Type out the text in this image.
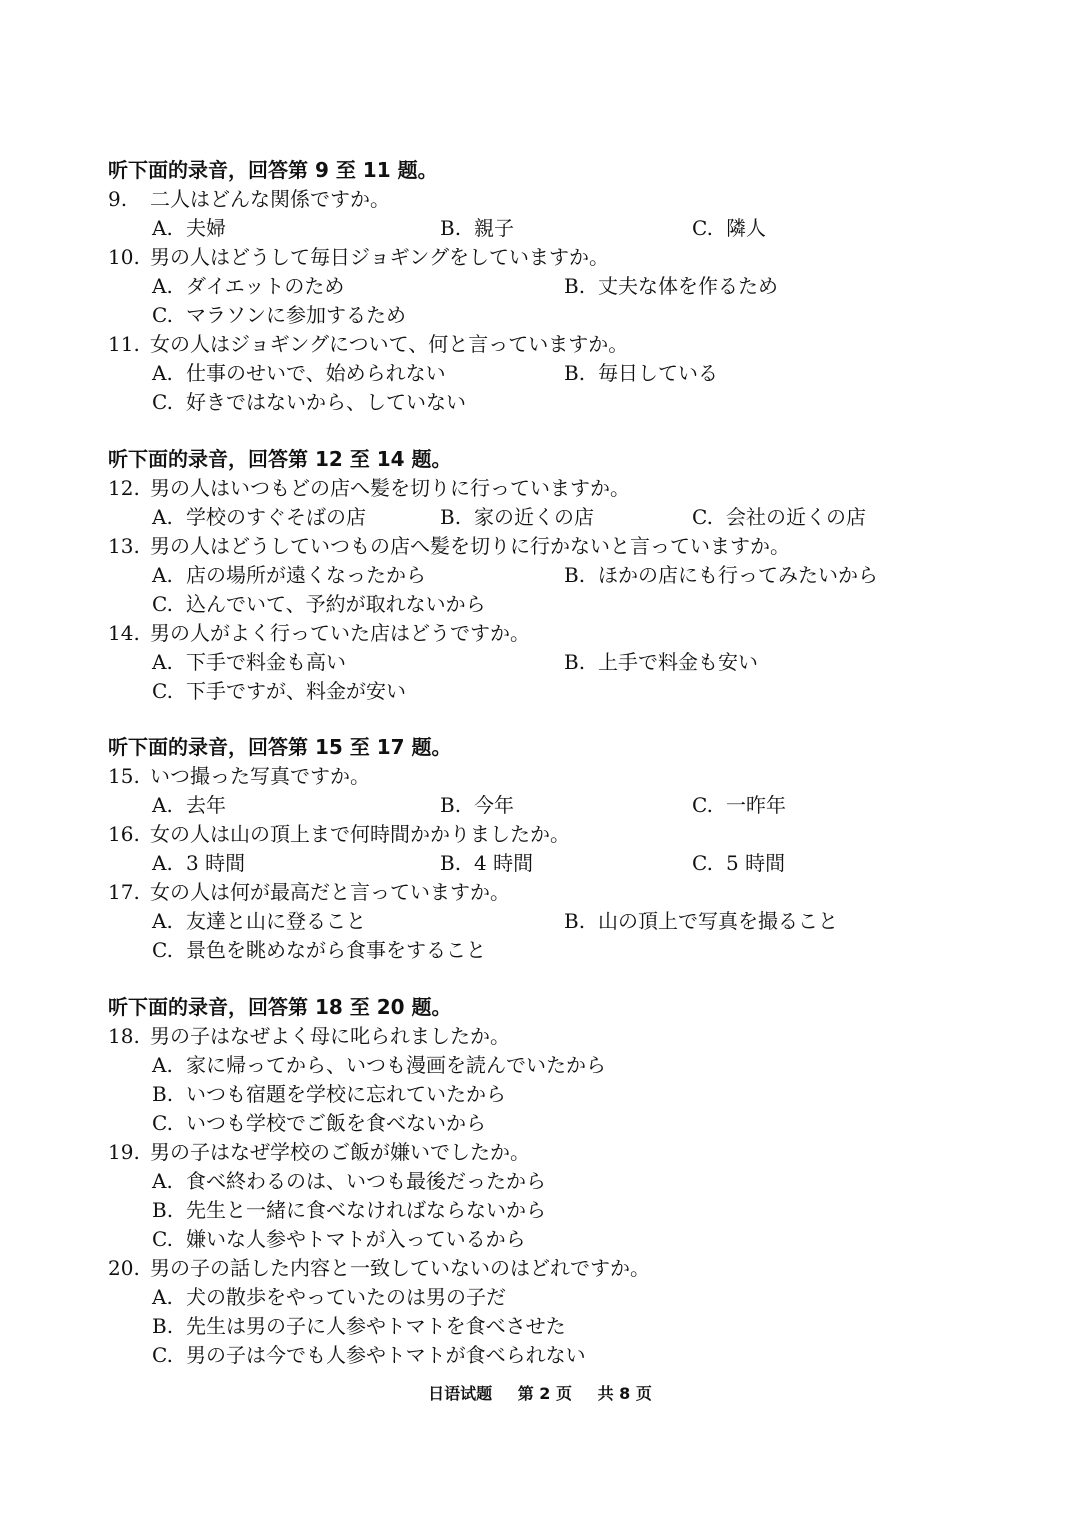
听下面的录音，回答第 9 至 11 题。
9. 二人はどんな関係ですか。
A. 夫婦	B. 親子	C. 隣人
10. 男の人はどうして毎日ジョギングをしていますか。
A. ダイエットのため	B. 丈夫な体を作るため
C. マラソンに参加するため
11. 女の人はジョギングについて、何と言っていますか。
A. 仕事のせいで、始められない	B. 毎日している
C. 好きではないから、していない
听下面的录音，回答第 12 至 14 题。
12. 男の人はいつもどの店へ髪を切りに行っていますか。
A. 学校のすぐそばの店	B. 家の近くの店	C. 会社の近くの店
13. 男の人はどうしていつもの店へ髪を切りに行かないと言っていますか。
A. 店の場所が遠くなったから	B. ほかの店にも行ってみたいから
C. 込んでいて、予約が取れないから
14. 男の人がよく行っていた店はどうですか。
A. 下手で料金も高い	B. 上手で料金も安い
C. 下手ですが、料金が安い
听下面的录音，回答第 15 至 17 题。
15. いつ撮った写真ですか。
A. 去年	B. 今年	C. 一昨年
16. 女の人は山の頂上まで何時間かかりましたか。
A. 3 時間	B. 4 時間	C. 5 時間
17. 女の人は何が最高だと言っていますか。
A. 友達と山に登ること	B. 山の頂上で写真を撮ること
C. 景色を眺めながら食事をすること
听下面的录音，回答第 18 至 20 题。
18. 男の子はなぜよく母に叱られましたか。
A. 家に帰ってから、いつも漫画を読んでいたから
B. いつも宿題を学校に忘れていたから
C. いつも学校でご飯を食べないから
19. 男の子はなぜ学校のご飯が嫌いでしたか。
A. 食べ終わるのは、いつも最後だったから
B. 先生と一緒に食べなければならないから
C. 嫌いな人参やトマトが入っているから
20. 男の子の話した内容と一致していないのはどれですか。
A. 犬の散歩をやっていたのは男の子だ
B. 先生は男の子に人参やトマトを食べさせた
C. 男の子は今でも人参やトマトが食べられない
日语试题 第 2 页 共 8 页
